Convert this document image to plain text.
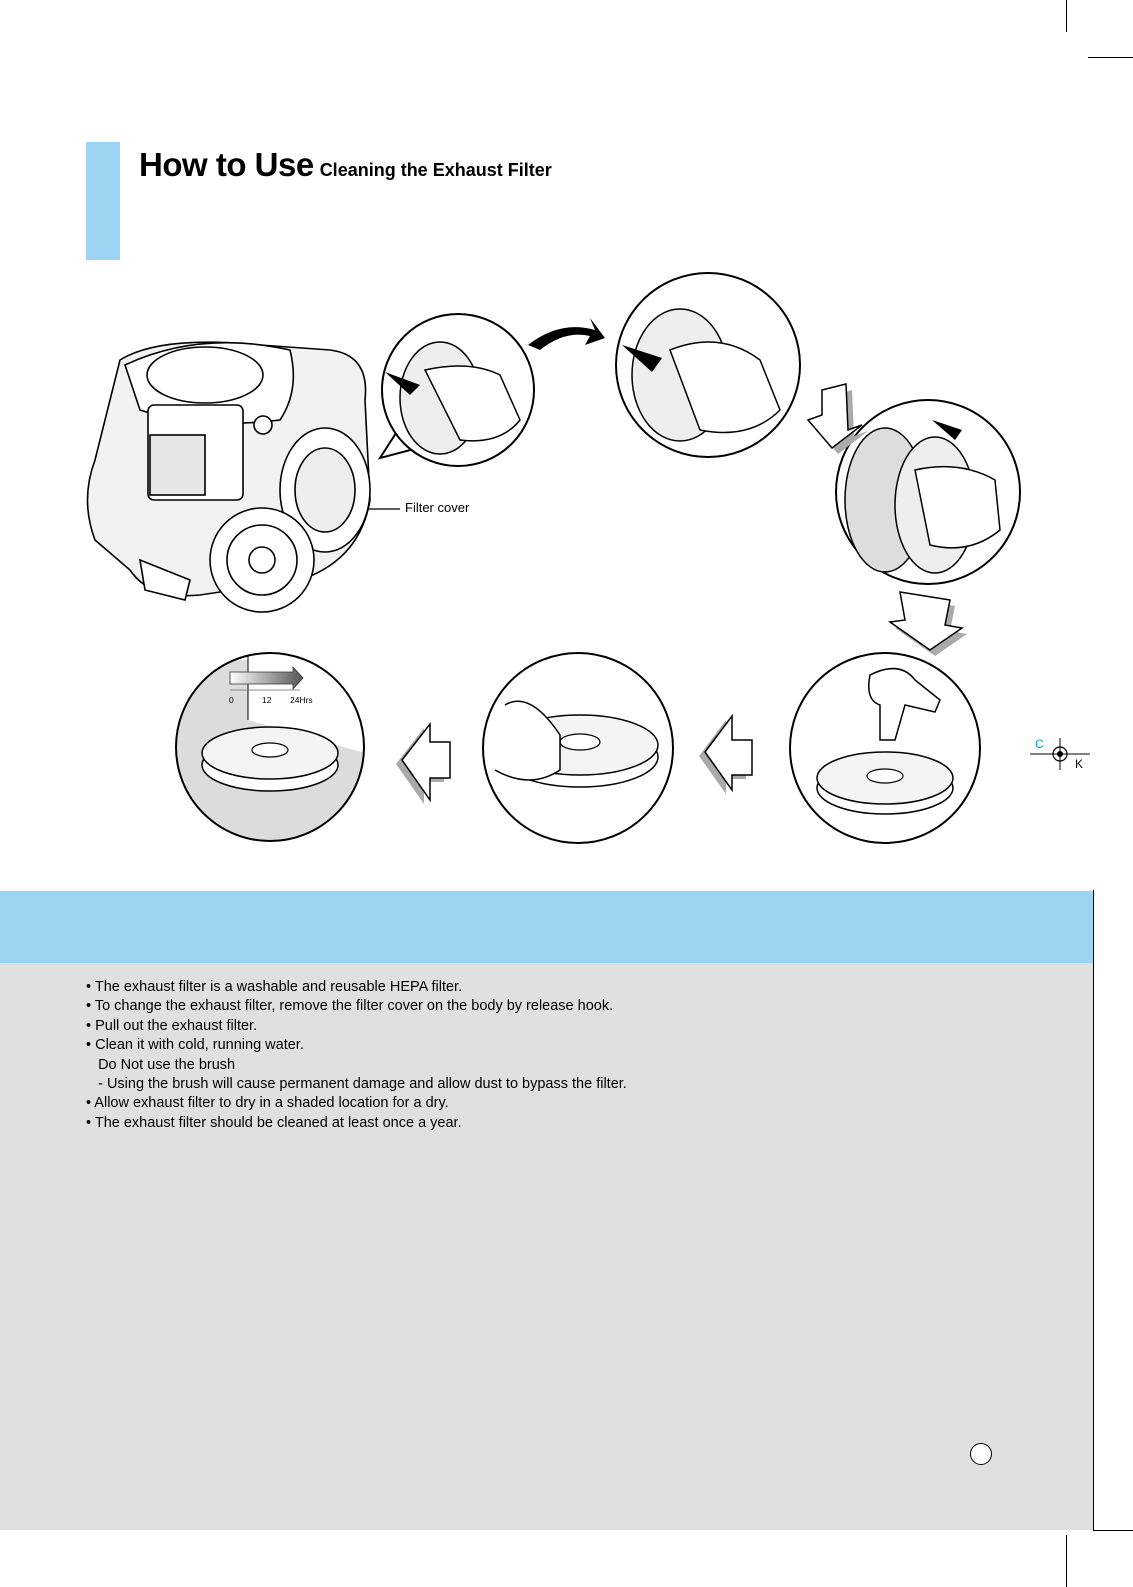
How to Use Cleaning the Exhaust Filter
0	12 24Hrs
Filter cover
C
K
• The exhaust filter is a washable and reusable HEPA filter.
• To change the exhaust filter, remove the filter cover on the body by release hook.
• Pull out the exhaust filter.
• Clean it with cold, running water.
Do Not use the brush
- Using the brush will cause permanent damage and allow dust to bypass the filter.
• Allow exhaust filter to dry in a shaded location for a dry.
• The exhaust filter should be cleaned at least once a year.
